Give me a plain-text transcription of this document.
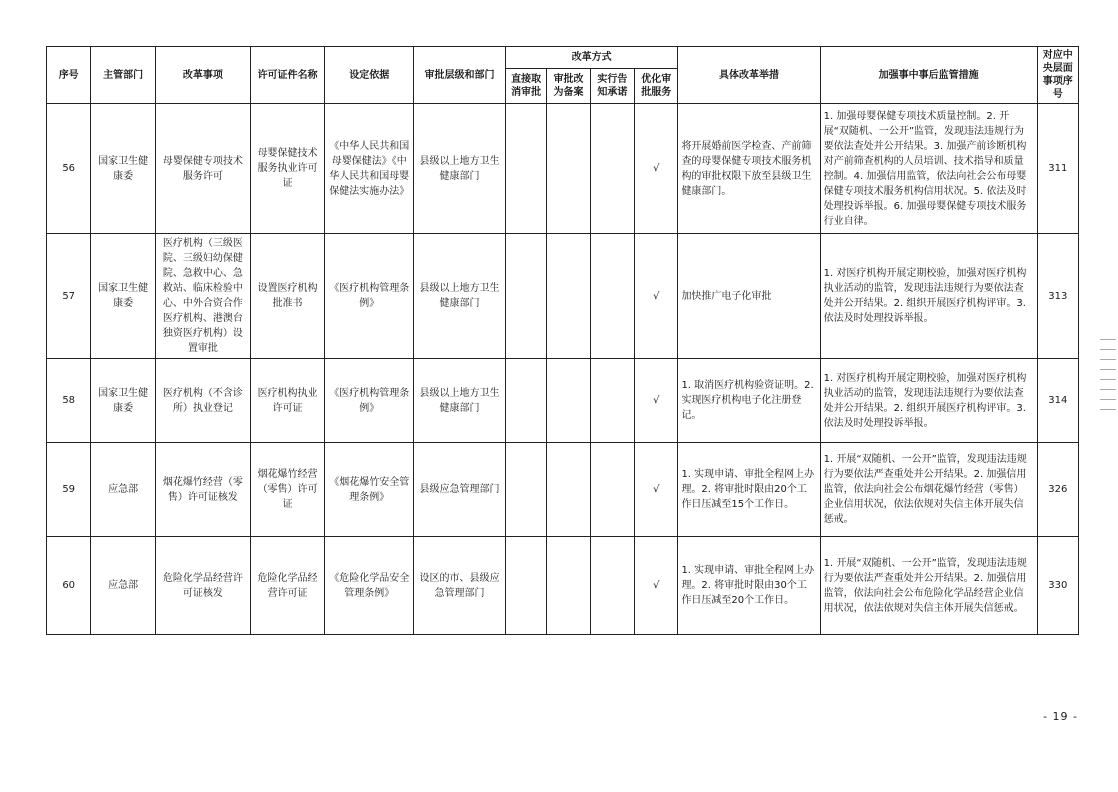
序号	主管部门	改革事项	许可证件名称	设定依据	审批层级和部门	改革方式				具体改革举措	加强事中事后监管措施	对应中央层面事项序号
						直接取消审批	审批改为备案	实行告知承诺	优化审批服务			
56	国家卫生健康委	母婴保健专项技术服务许可	母婴保健技术服务执业许可证	《中华人民共和国母婴保健法》《中华人民共和国母婴保健法实施办法》	县级以上地方卫生健康部门				√	将开展婚前医学检查、产前筛查的母婴保健专项技术服务机构的审批权限下放至县级卫生健康部门。	1. 加强母婴保健专项技术质量控制。2. 开展“双随机、一公开”监管，发现违法违规行为要依法查处并公开结果。3. 加强产前诊断机构对产前筛查机构的人员培训、技术指导和质量控制。4. 加强信用监管，依法向社会公布母婴保健专项技术服务机构信用状况。5. 依法及时处理投诉举报。6. 加强母婴保健专项技术服务行业自律。	311
57	国家卫生健康委	医疗机构（三级医院、三级妇幼保健院、急救中心、急救站、临床检验中心、中外合资合作医疗机构、港澳台独资医疗机构）设置审批	设置医疗机构批准书	《医疗机构管理条例》	县级以上地方卫生健康部门				√	加快推广电子化审批	1. 对医疗机构开展定期校验，加强对医疗机构执业活动的监管，发现违法违规行为要依法查处并公开结果。2. 组织开展医疗机构评审。3. 依法及时处理投诉举报。	313
58	国家卫生健康委	医疗机构（不含诊所）执业登记	医疗机构执业许可证	《医疗机构管理条例》	县级以上地方卫生健康部门				√	1. 取消医疗机构验资证明。2. 实现医疗机构电子化注册登记。	1. 对医疗机构开展定期校验，加强对医疗机构执业活动的监管，发现违法违规行为要依法查处并公开结果。2. 组织开展医疗机构评审。3. 依法及时处理投诉举报。	314
59	应急部	烟花爆竹经营（零售）许可证核发	烟花爆竹经营（零售）许可证	《烟花爆竹安全管理条例》	县级应急管理部门				√	1. 实现申请、审批全程网上办理。2. 将审批时限由20个工作日压减至15个工作日。	1. 开展“双随机、一公开”监管，发现违法违规行为要依法严查重处并公开结果。2. 加强信用监管，依法向社会公布烟花爆竹经营（零售）企业信用状况，依法依规对失信主体开展失信惩戒。	326
60	应急部	危险化学品经营许可证核发	危险化学品经营许可证	《危险化学品安全管理条例》	设区的市、县级应急管理部门				√	1. 实现申请、审批全程网上办理。2. 将审批时限由30个工作日压减至20个工作日。	1. 开展“双随机、一公开”监管，发现违法违规行为要依法严查重处并公开结果。2. 加强信用监管，依法向社会公布危险化学品经营企业信用状况，依法依规对失信主体开展失信惩戒。	330
- 19 -
